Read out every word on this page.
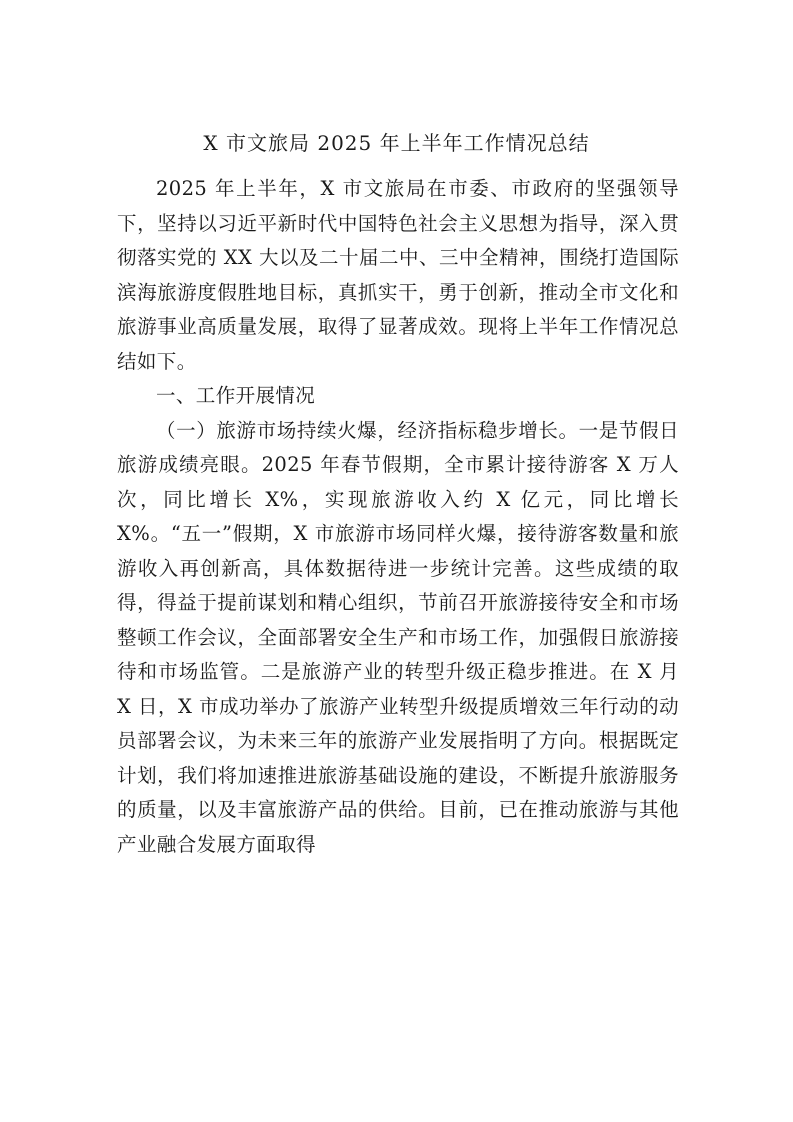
X 市文旅局 2025 年上半年工作情况总结

2025 年上半年，X 市文旅局在市委、市政府的坚强领导下，坚持以习近平新时代中国特色社会主义思想为指导，深入贯彻落实党的 XX 大以及二十届二中、三中全精神，围绕打造国际滨海旅游度假胜地目标，真抓实干，勇于创新，推动全市文化和旅游事业高质量发展，取得了显著成效。现将上半年工作情况总结如下。

一、工作开展情况

（一）旅游市场持续火爆，经济指标稳步增长。一是节假日旅游成绩亮眼。2025 年春节假期，全市累计接待游客 X 万人次，同比增长 X%，实现旅游收入约 X 亿元，同比增长 X%。“五一”假期，X 市旅游市场同样火爆，接待游客数量和旅游收入再创新高，具体数据待进一步统计完善。这些成绩的取得，得益于提前谋划和精心组织，节前召开旅游接待安全和市场整顿工作会议，全面部署安全生产和市场工作，加强假日旅游接待和市场监管。二是旅游产业的转型升级正稳步推进。在 X 月 X 日，X 市成功举办了旅游产业转型升级提质增效三年行动的动员部署会议，为未来三年的旅游产业发展指明了方向。根据既定计划，我们将加速推进旅游基础设施的建设，不断提升旅游服务的质量，以及丰富旅游产品的供给。目前，已在推动旅游与其他产业融合发展方面取得
